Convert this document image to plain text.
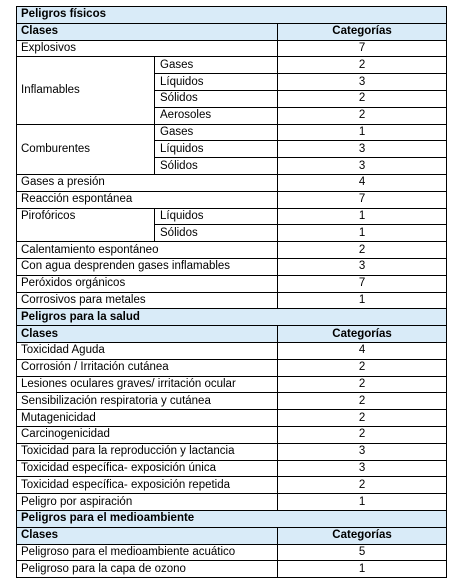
Peligros físicos		
Clases		Categorías
Explosivos		7
Inflamables	Gases	2
	Líquidos	3
	Sólidos	2
	Aerosoles	2
Comburentes	Gases	1
	Líquidos	3
	Sólidos	3
Gases a presión		4
Reacción espontánea		7
Pirofóricos	Líquidos	1
	Sólidos	1
Calentamiento espontáneo		2
Con agua desprenden gases inflamables		3
Peróxidos orgánicos		7
Corrosivos para metales		1
Peligros para la salud		
Clases		Categorías
Toxicidad Aguda		4
Corrosión / Irritación cutánea		2
Lesiones oculares graves/ irritación ocular		2
Sensibilización respiratoria y cutánea		2
Mutagenicidad		2
Carcinogenicidad		2
Toxicidad para la reproducción y lactancia		3
Toxicidad específica- exposición única		3
Toxicidad específica- exposición repetida		2
Peligro por aspiración		1
Peligros para el medioambiente		
Clases		Categorías
Peligroso para el medioambiente acuático		5
Peligroso para la capa de ozono		1
